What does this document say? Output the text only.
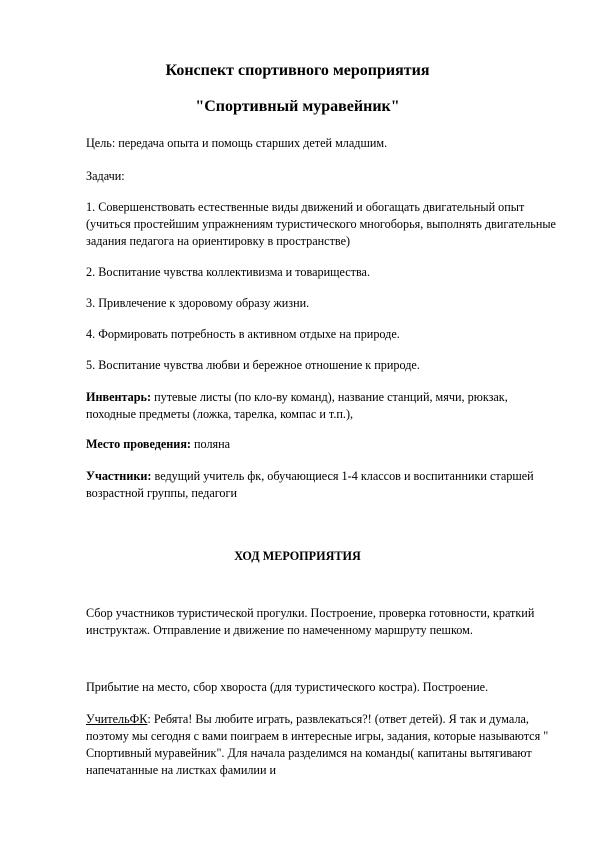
Конспект спортивного мероприятия
"Спортивный муравейник"

Цель: передача опыта и помощь старших детей младшим.

Задачи:

1. Совершенствовать естественные виды движений и обогащать двигательный опыт (учиться простейшим упражнениям туристического многоборья, выполнять двигательные задания педагога на ориентировку в пространстве)

2. Воспитание чувства коллективизма и товарищества.

3. Привлечение к здоровому образу жизни.

4. Формировать потребность в активном отдыхе на природе.

5. Воспитание чувства любви и бережное отношение к природе.

Инвентарь: путевые листы (по кло-ву команд), название станций, мячи, рюкзак, походные предметы (ложка, тарелка, компас и т.п.),

Место проведения: поляна

Участники: ведущий учитель фк, обучающиеся 1-4 классов и воспитанники старшей возрастной группы, педагоги

ХОД МЕРОПРИЯТИЯ

Сбор участников туристической прогулки. Построение, проверка готовности, краткий инструктаж. Отправление и движение по намеченному маршруту пешком.

Прибытие на место, сбор хвороста (для туристического костра). Построение.

УчительФК: Ребята! Вы любите играть, развлекаться?! (ответ детей). Я так и думала, поэтому мы сегодня с вами поиграем в интересные игры, задания, которые называются " Спортивный муравейник". Для начала разделимся на команды( капитаны вытягивают напечатанные на листках фамилии и
